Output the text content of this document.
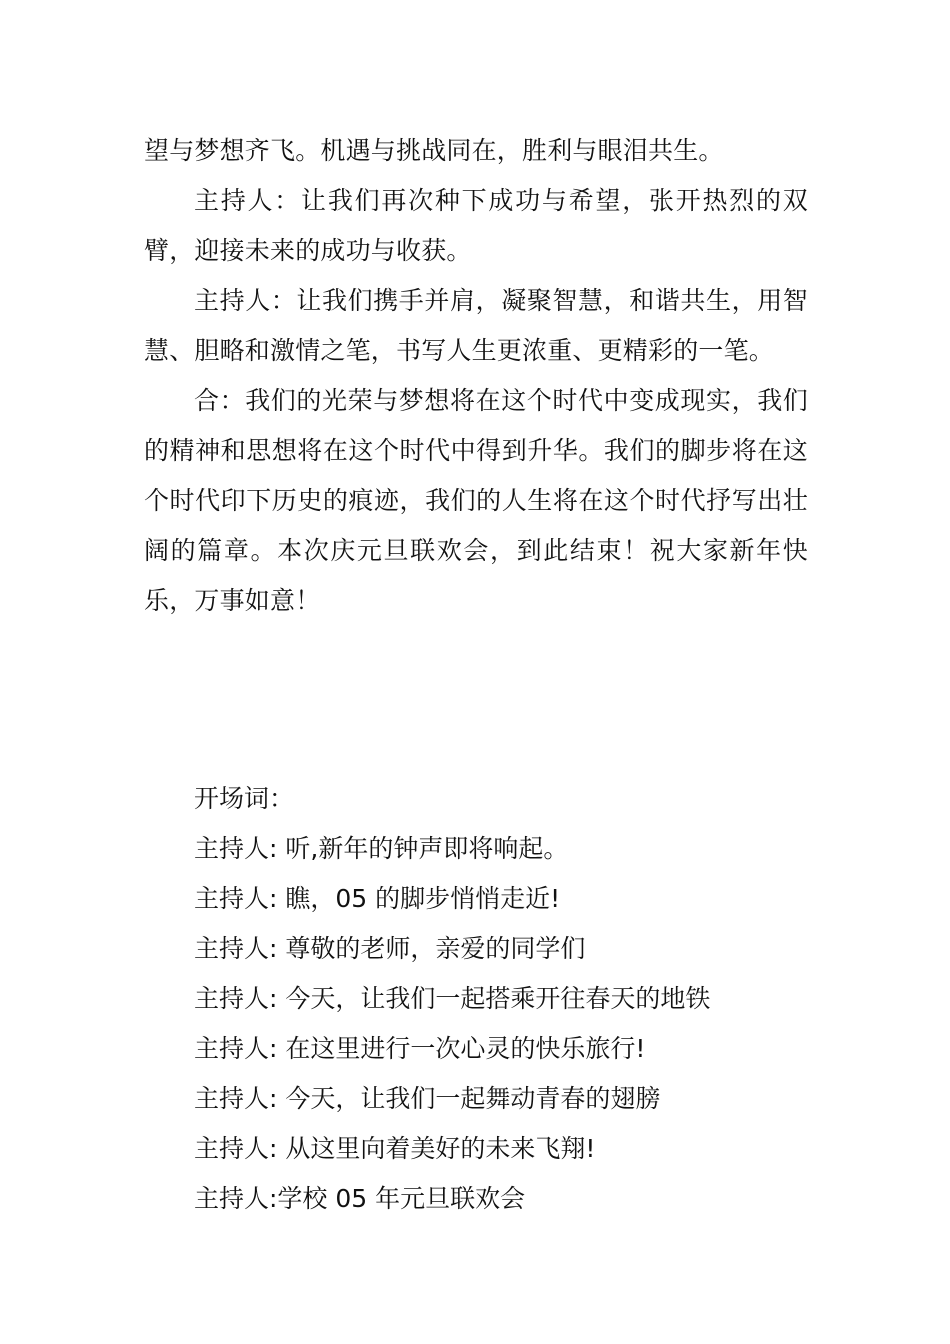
望与梦想齐飞。机遇与挑战同在，胜利与眼泪共生。

主持人：让我们再次种下成功与希望，张开热烈的双臂，迎接未来的成功与收获。

主持人：让我们携手并肩，凝聚智慧，和谐共生，用智慧、胆略和激情之笔，书写人生更浓重、更精彩的一笔。

合：我们的光荣与梦想将在这个时代中变成现实，我们的精神和思想将在这个时代中得到升华。我们的脚步将在这个时代印下历史的痕迹，我们的人生将在这个时代抒写出壮阔的篇章。本次庆元旦联欢会，到此结束！祝大家新年快乐，万事如意！

开场词：

主持人: 听,新年的钟声即将响起。

主持人: 瞧，05 的脚步悄悄走近!

主持人: 尊敬的老师，亲爱的同学们

主持人: 今天，让我们一起搭乘开往春天的地铁

主持人: 在这里进行一次心灵的快乐旅行!

主持人: 今天，让我们一起舞动青春的翅膀

主持人: 从这里向着美好的未来飞翔!

主持人:学校 05 年元旦联欢会
